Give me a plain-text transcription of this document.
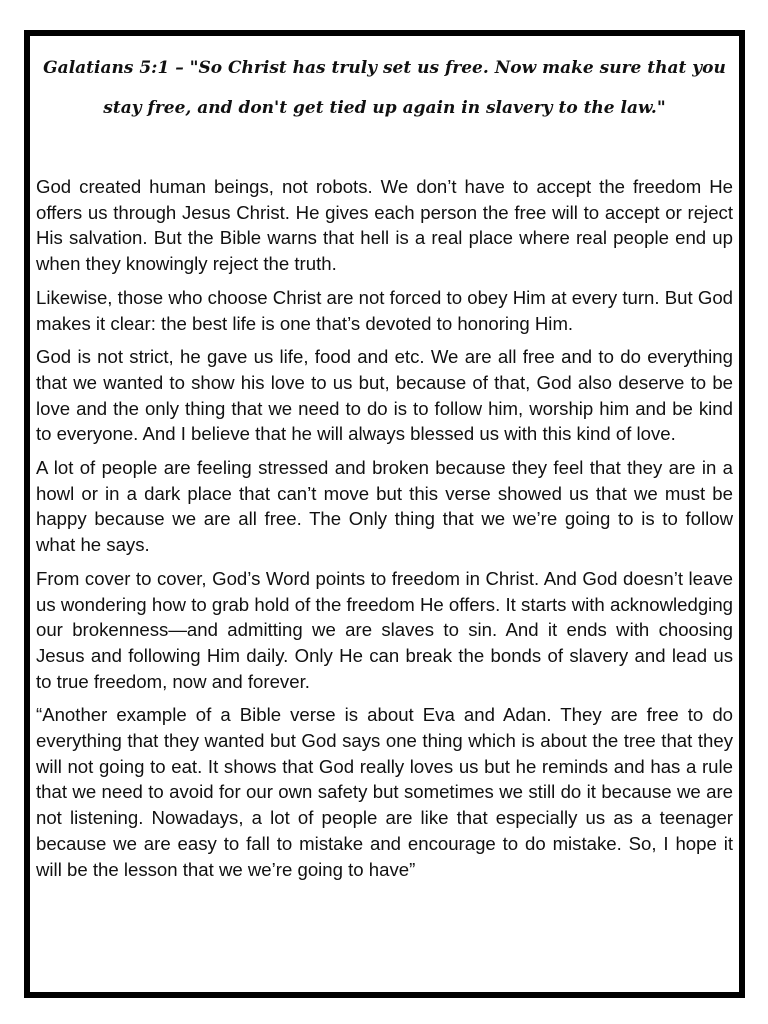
Galatians 5:1 – "So Christ has truly set us free. Now make sure that you stay free, and don't get tied up again in slavery to the law."

God created human beings, not robots. We don’t have to accept the freedom He offers us through Jesus Christ. He gives each person the free will to accept or reject His salvation. But the Bible warns that hell is a real place where real people end up when they knowingly reject the truth.

Likewise, those who choose Christ are not forced to obey Him at every turn. But God makes it clear: the best life is one that’s devoted to honoring Him.

God is not strict, he gave us life, food and etc. We are all free and to do everything that we wanted to show his love to us but, because of that, God also deserve to be love and the only thing that we need to do is to follow him, worship him and be kind to everyone. And I believe that he will always blessed us with this kind of love.

A lot of people are feeling stressed and broken because they feel that they are in a howl or in a dark place that can’t move but this verse showed us that we must be happy because we are all free. The Only thing that we we’re going to is to follow what he says.

From cover to cover, God’s Word points to freedom in Christ. And God doesn’t leave us wondering how to grab hold of the freedom He offers. It starts with acknowledging our brokenness—and admitting we are slaves to sin. And it ends with choosing Jesus and following Him daily. Only He can break the bonds of slavery and lead us to true freedom, now and forever.

“Another example of a Bible verse is about Eva and Adan. They are free to do everything that they wanted but God says one thing which is about the tree that they will not going to eat. It shows that God really loves us but he reminds and has a rule that we need to avoid for our own safety but sometimes we still do it because we are not listening. Nowadays, a lot of people are like that especially us as a teenager because we are easy to fall to mistake and encourage to do mistake. So, I hope it will be the lesson that we we’re going to have”
